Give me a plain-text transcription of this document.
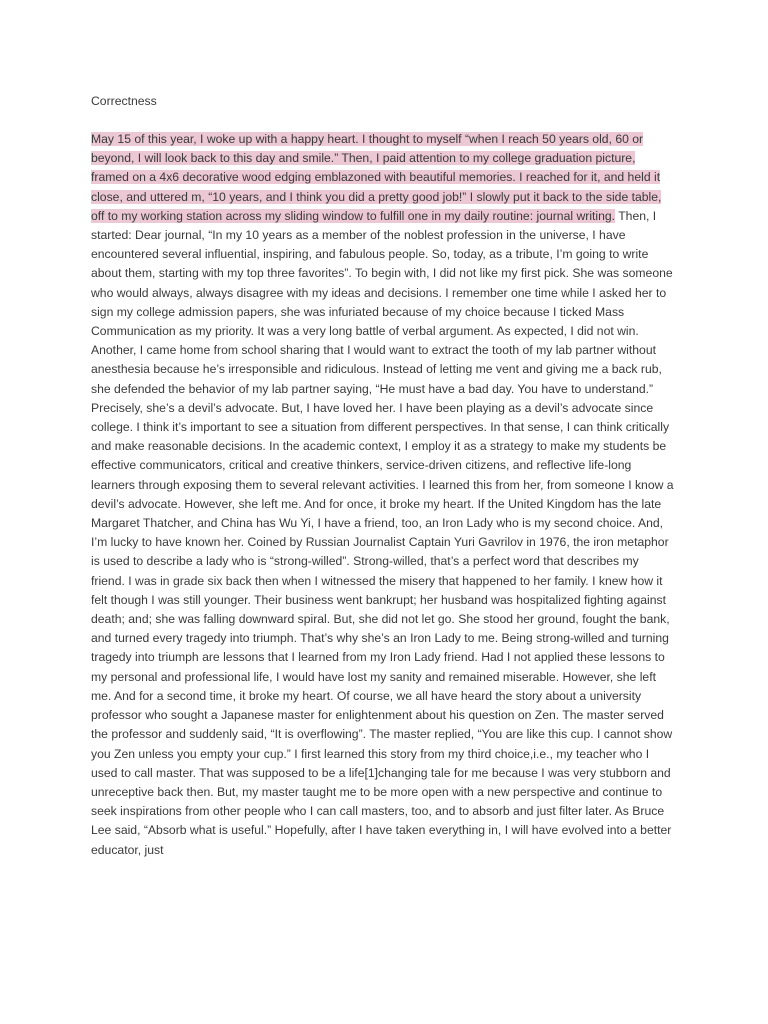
Correctness

May 15 of this year, I woke up with a happy heart. I thought to myself “when I reach 50 years old, 60 or beyond, I will look back to this day and smile.” Then, I paid attention to my college graduation picture, framed on a 4x6 decorative wood edging emblazoned with beautiful memories. I reached for it, and held it close, and uttered m, “10 years, and I think you did a pretty good job!” I slowly put it back to the side table, off to my working station across my sliding window to fulfill one in my daily routine: journal writing. Then, I started: Dear journal, “In my 10 years as a member of the noblest profession in the universe, I have encountered several influential, inspiring, and fabulous people. So, today, as a tribute, I’m going to write about them, starting with my top three favorites”. To begin with, I did not like my first pick. She was someone who would always, always disagree with my ideas and decisions. I remember one time while I asked her to sign my college admission papers, she was infuriated because of my choice because I ticked Mass Communication as my priority. It was a very long battle of verbal argument. As expected, I did not win. Another, I came home from school sharing that I would want to extract the tooth of my lab partner without anesthesia because he’s irresponsible and ridiculous. Instead of letting me vent and giving me a back rub, she defended the behavior of my lab partner saying, “He must have a bad day. You have to understand.” Precisely, she’s a devil’s advocate. But, I have loved her. I have been playing as a devil’s advocate since college. I think it’s important to see a situation from different perspectives. In that sense, I can think critically and make reasonable decisions. In the academic context, I employ it as a strategy to make my students be effective communicators, critical and creative thinkers, service-driven citizens, and reflective life-long learners through exposing them to several relevant activities. I learned this from her, from someone I know a devil’s advocate. However, she left me. And for once, it broke my heart. If the United Kingdom has the late Margaret Thatcher, and China has Wu Yi, I have a friend, too, an Iron Lady who is my second choice. And, I’m lucky to have known her. Coined by Russian Journalist Captain Yuri Gavrilov in 1976, the iron metaphor is used to describe a lady who is “strong-willed”. Strong-willed, that’s a perfect word that describes my friend. I was in grade six back then when I witnessed the misery that happened to her family. I knew how it felt though I was still younger. Their business went bankrupt; her husband was hospitalized fighting against death; and; she was falling downward spiral. But, she did not let go. She stood her ground, fought the bank, and turned every tragedy into triumph. That’s why she’s an Iron Lady to me. Being strong-willed and turning tragedy into triumph are lessons that I learned from my Iron Lady friend. Had I not applied these lessons to my personal and professional life, I would have lost my sanity and remained miserable. However, she left me. And for a second time, it broke my heart. Of course, we all have heard the story about a university professor who sought a Japanese master for enlightenment about his question on Zen. The master served the professor and suddenly said, “It is overflowing”. The master replied, “You are like this cup. I cannot show you Zen unless you empty your cup.” I first learned this story from my third choice,i.e., my teacher who I used to call master. That was supposed to be a life[1]changing tale for me because I was very stubborn and unreceptive back then. But, my master taught me to be more open with a new perspective and continue to seek inspirations from other people who I can call masters, too, and to absorb and just filter later. As Bruce Lee said, “Absorb what is useful.” Hopefully, after I have taken everything in, I will have evolved into a better educator, just
